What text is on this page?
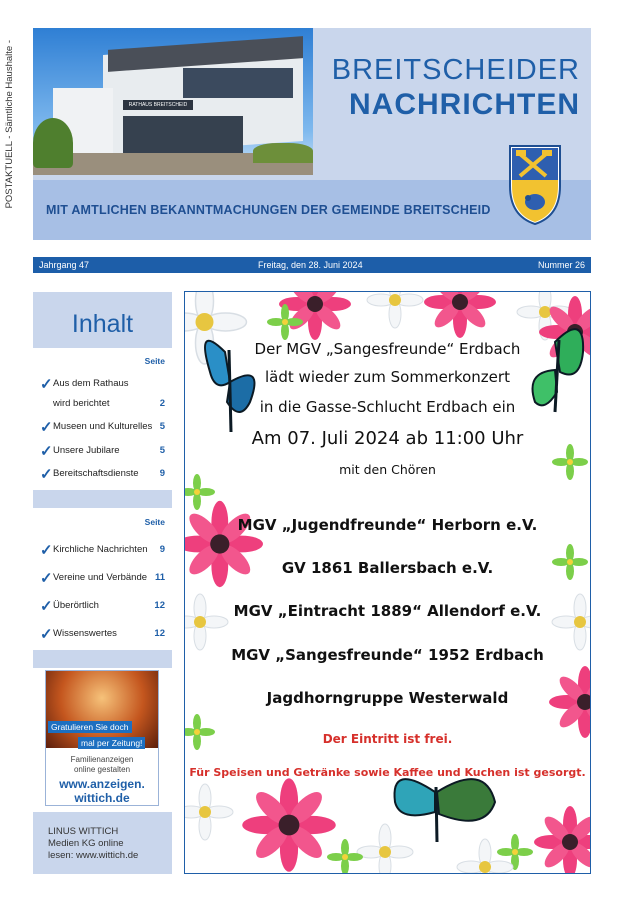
POSTAKTUELL - Sämtliche Haushalte -	RATHAUS BREITSCHEID
BREITSCHEIDER
NACHRICHTEN
MIT AMTLICHEN BEKANNTMACHUNGEN DER GEMEINDE BREITSCHEID
Jahrgang 47	Freitag, den 28. Juni 2024	Nummer 26
Inhalt
Seite
✓ Aus dem Rathaus
wird berichtet	2
✓ Museen und Kulturelles 5
✓ Unsere Jubilare	5
✓ Bereitschaftsdienste 9
Seite
✓ Kirchliche Nachrichten 9
✓ Vereine und Verbände 11
✓ Überörtlich	12
✓ Wissenswertes	12
Gratulieren Sie doch
mal per Zeitung!
Familienanzeigen
online gestalten
www.anzeigen.
wittich.de
LINUS WITTICH
Medien KG online
lesen: www.wittich.de
Der MGV „Sangesfreunde“ Erdbach
lädt wieder zum Sommerkonzert
in die Gasse-Schlucht Erdbach ein
Am 07. Juli 2024 ab 11:00 Uhr
mit den Chören
MGV „Jugendfreunde“ Herborn e.V.
GV 1861 Ballersbach e.V.
MGV „Eintracht 1889“ Allendorf e.V.
MGV „Sangesfreunde“ 1952 Erdbach
Jagdhorngruppe Westerwald
Der Eintritt ist frei.
Für Speisen und Getränke sowie Kaffee und Kuchen ist gesorgt.
